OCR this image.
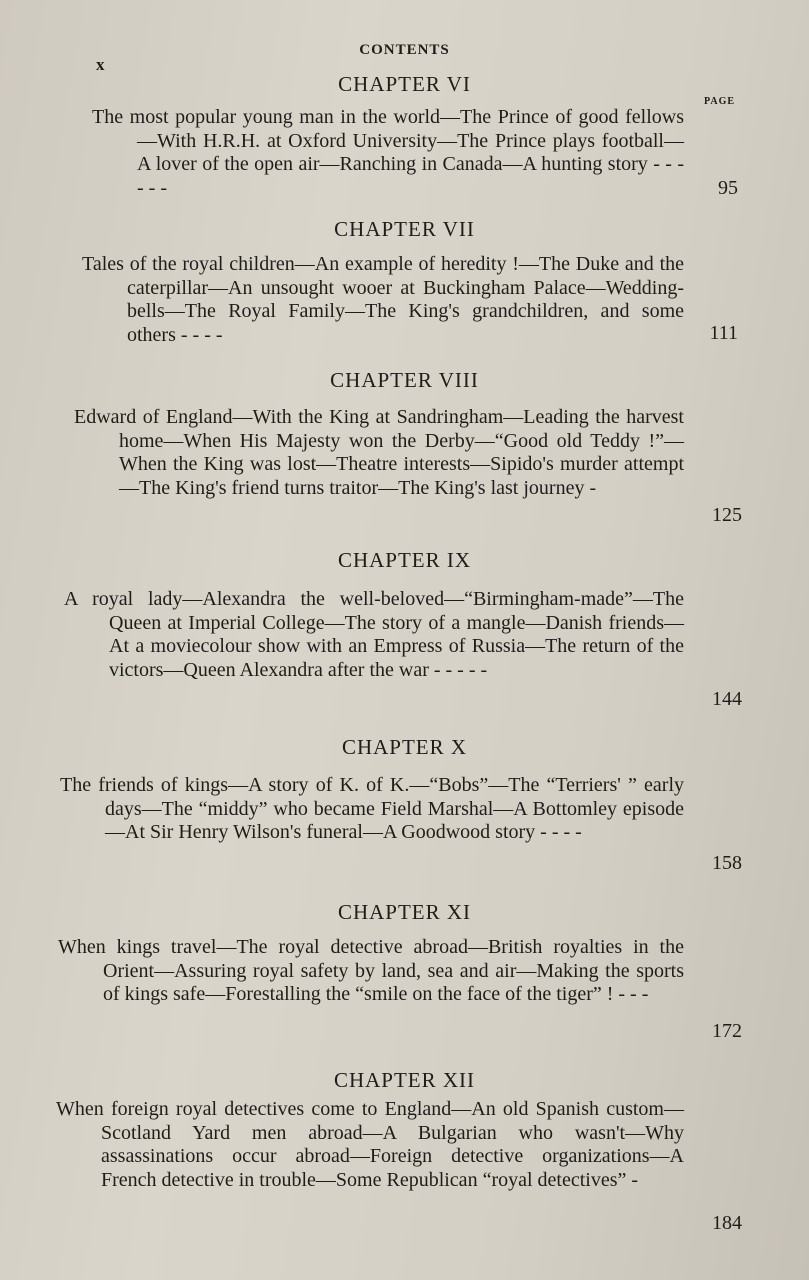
CONTENTS
x
PAGE
CHAPTER VI
The most popular young man in the world—The Prince of good fellows—With H.R.H. at Oxford University—The Prince plays football—A lover of the open air—Ranching in Canada—A hunting story - - - - - -	95
CHAPTER VII
Tales of the royal children—An example of heredity !—The Duke and the caterpillar—An unsought wooer at Buckingham Palace—Wedding-bells—The Royal Family—The King's grandchildren, and some others - - - -	111
CHAPTER VIII
Edward of England—With the King at Sandringham—Leading the harvest home—When His Majesty won the Derby—“Good old Teddy !”—When the King was lost—Theatre interests—Sipido's murder attempt—The King's friend turns traitor—The King's last journey -
125
CHAPTER IX
A royal lady—Alexandra the well-beloved—“Birmingham-made”—The Queen at Imperial College—The story of a mangle—Danish friends—At a moviecolour show with an Empress of Russia—The return of the victors—Queen Alexandra after the war - - - - -
144
CHAPTER X
The friends of kings—A story of K. of K.—“Bobs”—The “Terriers' ” early days—The “middy” who became Field Marshal—A Bottomley episode—At Sir Henry Wilson's funeral—A Goodwood story - - - -
158
CHAPTER XI
When kings travel—The royal detective abroad—British royalties in the Orient—Assuring royal safety by land, sea and air—Making the sports of kings safe—Forestalling the “smile on the face of the tiger” ! - - -
172
CHAPTER XII
When foreign royal detectives come to England—An old Spanish custom—Scotland Yard men abroad—A Bulgarian who wasn't—Why assassinations occur abroad—Foreign detective organizations—A French detective in trouble—Some Republican “royal detectives” -
184
